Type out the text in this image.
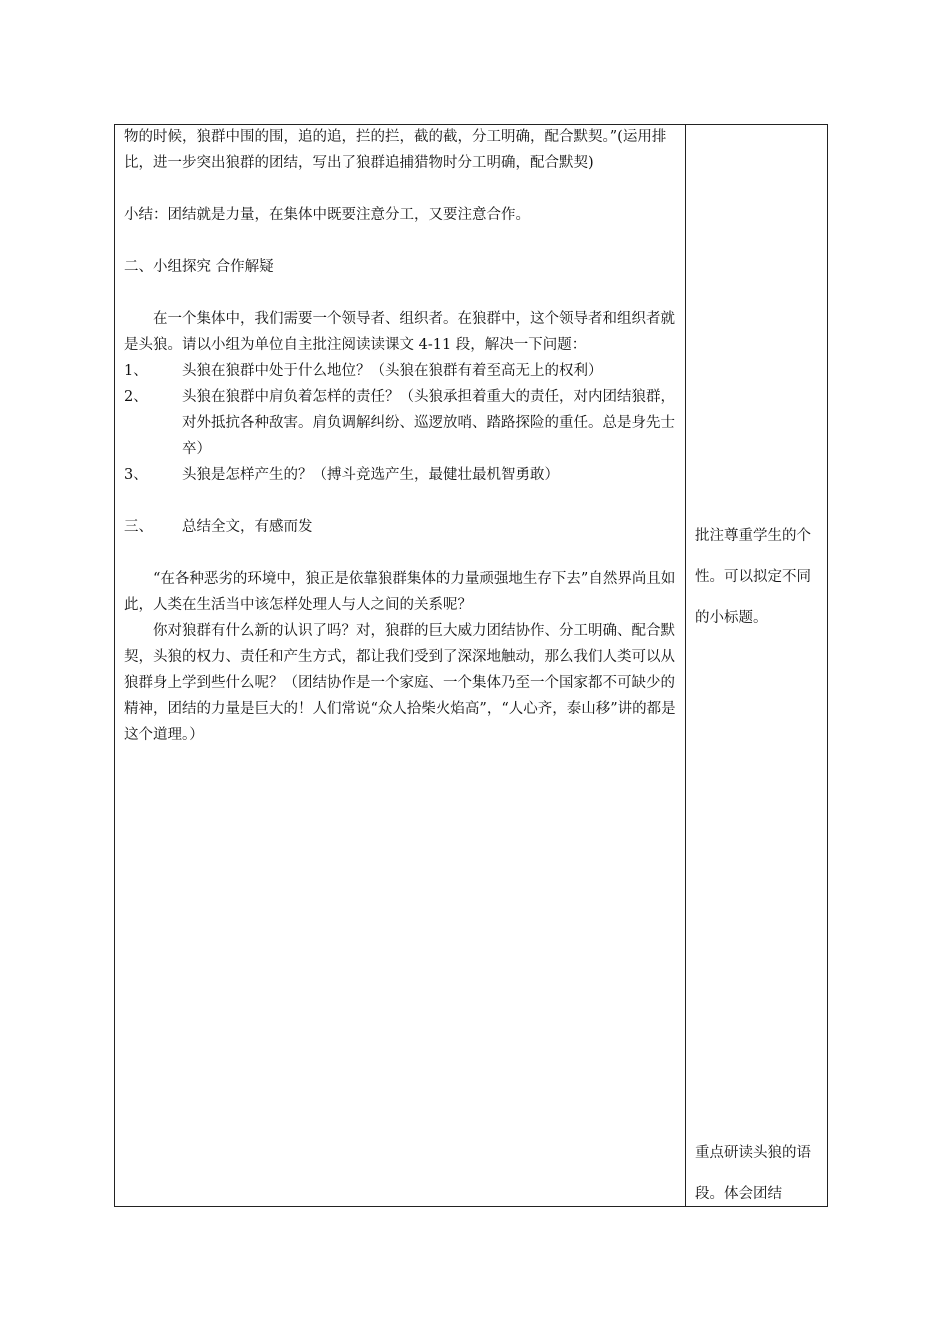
物的时候，狼群中围的围，追的追，拦的拦，截的截，分工明确，配合默契。”(运用排比，进一步突出狼群的团结，写出了狼群追捕猎物时分工明确，配合默契)

小结：团结就是力量，在集体中既要注意分工，又要注意合作。

二、小组探究 合作解疑

在一个集体中，我们需要一个领导者、组织者。在狼群中，这个领导者和组织者就是头狼。请以小组为单位自主批注阅读读课文 4-11 段，解决一下问题：

1、	头狼在狼群中处于什么地位？（头狼在狼群有着至高无上的权利）
2、	头狼在狼群中肩负着怎样的责任？（头狼承担着重大的责任，对内团结狼群，对外抵抗各种敌害。肩负调解纠纷、巡逻放哨、踏路探险的重任。总是身先士卒）
3、	头狼是怎样产生的？（搏斗竞选产生，最健壮最机智勇敢）
三、	总结全文，有感而发

“在各种恶劣的环境中，狼正是依靠狼群集体的力量顽强地生存下去”自然界尚且如此，人类在生活当中该怎样处理人与人之间的关系呢？

你对狼群有什么新的认识了吗？对，狼群的巨大威力团结协作、分工明确、配合默契，头狼的权力、责任和产生方式，都让我们受到了深深地触动，那么我们人类可以从狼群身上学到些什么呢？（团结协作是一个家庭、一个集体乃至一个国家都不可缺少的精神，团结的力量是巨大的！人们常说“众人拾柴火焰高”，“人心齐，泰山移”讲的都是这个道理。）

批注尊重学生的个性。可以拟定不同的小标题。
重点研读头狼的语段。体会团结
